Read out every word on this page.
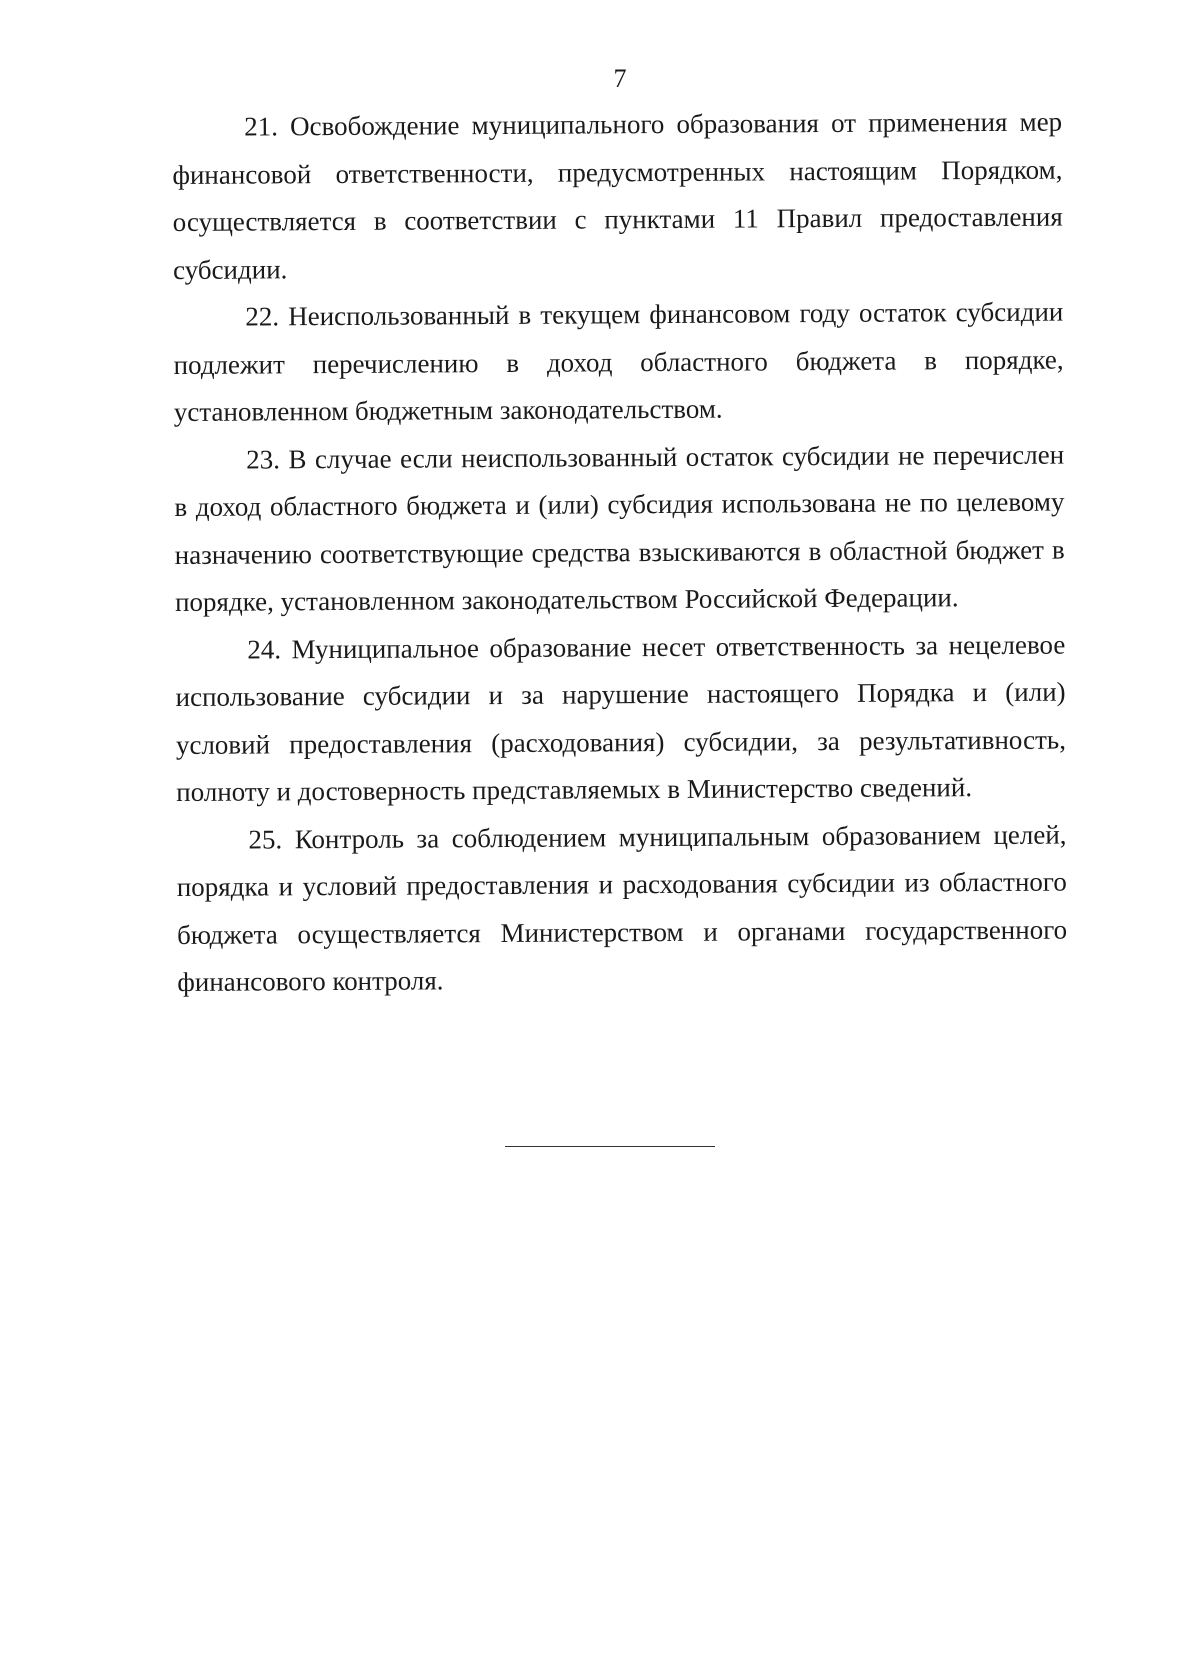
7

21. Освобождение муниципального образования от применения мер финансовой ответственности, предусмотренных настоящим Порядком, осуществляется в соответствии с пунктами 11 Правил предоставления субсидии.

22. Неиспользованный в текущем финансовом году остаток субсидии подлежит перечислению в доход областного бюджета в порядке, установленном бюджетным законодательством.

23. В случае если неиспользованный остаток субсидии не перечислен в доход областного бюджета и (или) субсидия использована не по целевому назначению соответствующие средства взыскиваются в областной бюджет в порядке, установленном законодательством Российской Федерации.

24. Муниципальное образование несет ответственность за нецелевое использование субсидии и за нарушение настоящего Порядка и (или) условий предоставления (расходования) субсидии, за результативность, полноту и достоверность представляемых в Министерство сведений.

25. Контроль за соблюдением муниципальным образованием целей, порядка и условий предоставления и расходования субсидии из областного бюджета осуществляется Министерством и органами государственного финансового контроля.
